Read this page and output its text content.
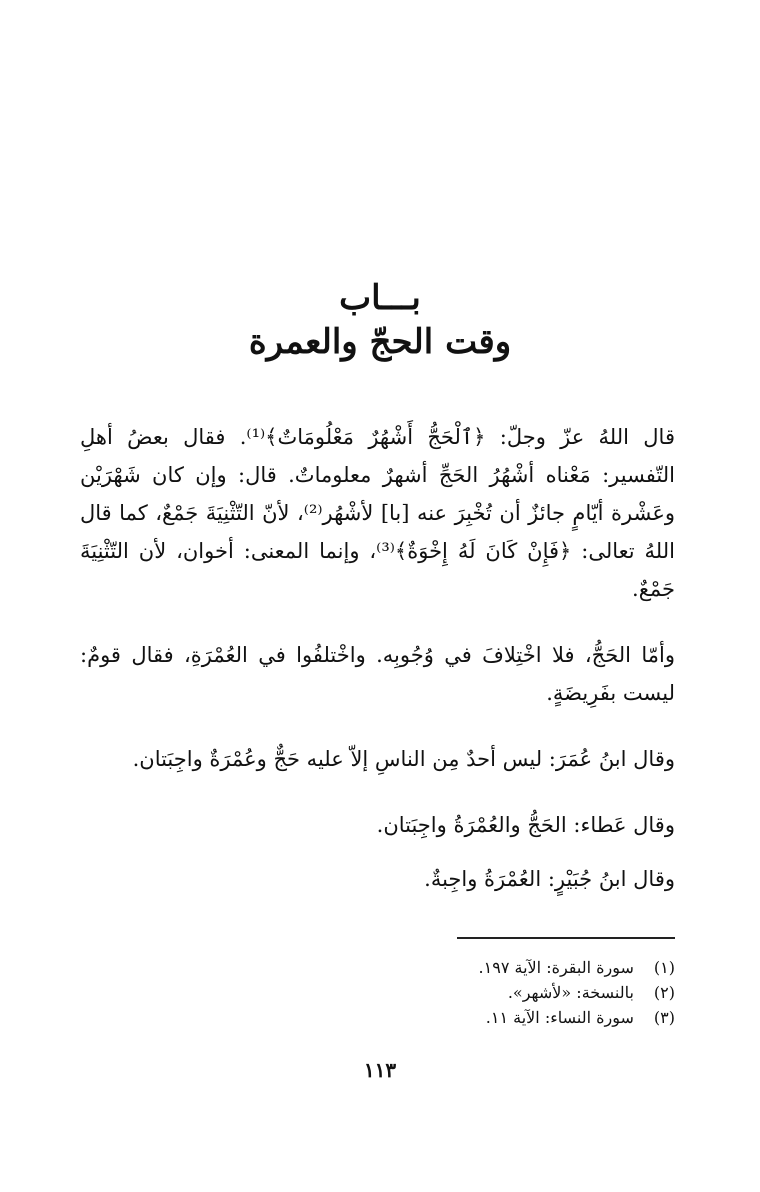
بـــاب
وقت الحجّ والعمرة

قال اللهُ عزّ وجلّ: ﴿ٱلْحَجُّ أَشْهُرٌ مَعْلُومَاتٌ﴾⁽¹⁾. فقال بعضُ أهلِ التّفسير: مَعْناه أشْهُرُ الحَجِّ أشهرٌ معلوماتٌ. قال: وإن كان شَهْرَيْن وعَشْرة أيّامٍ جائزٌ أن تُخْبِرَ عنه [با] لأشْهُر⁽²⁾، لأنّ التّثْنِيَةَ جَمْعٌ، كما قال اللهُ تعالى: ﴿فَإِنْ كَانَ لَهُ إِخْوَةٌ﴾⁽³⁾، وإنما المعنى: أخوان، لأن التّثْنِيَةَ جَمْعٌ.

وأمّا الحَجُّ، فلا اخْتِلافَ في وُجُوبِه. واخْتلفُوا في العُمْرَةِ، فقال قومٌ: ليست بفَرِيضَةٍ.

وقال ابنُ عُمَرَ: ليس أحدٌ مِن الناسِ إلاّ عليه حَجٌّ وعُمْرَةٌ واجِبَتان.

وقال عَطاء: الحَجُّ والعُمْرَةُ واجِبَتان.

وقال ابنُ جُبَيْرٍ: العُمْرَةُ واجِبةٌ.

(١) سورة البقرة: الآية ١٩٧.
(٢) بالنسخة: «لأشهر».
(٣) سورة النساء: الآية ١١.
١١٣
